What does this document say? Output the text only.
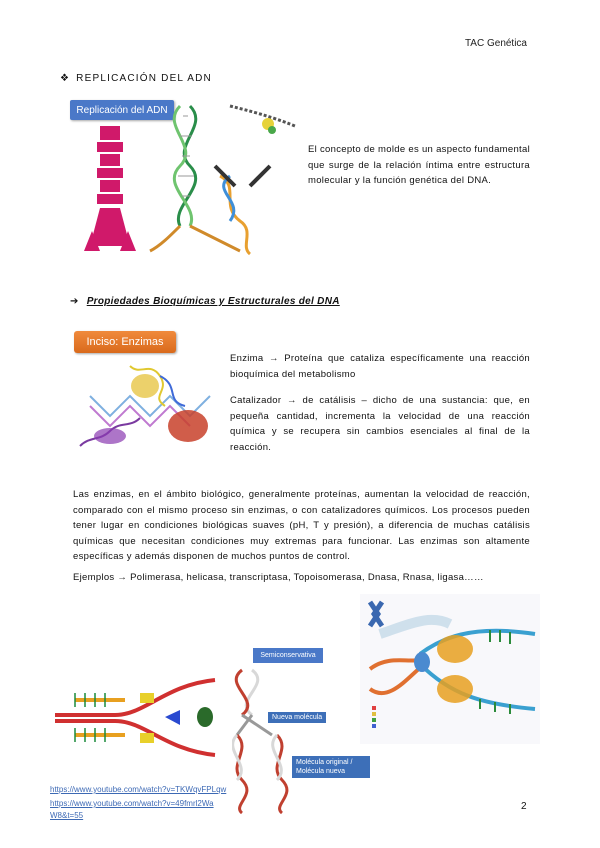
TAC Genética
❖ REPLICACIÓN DEL ADN
Replicación del ADN
El concepto de molde es un aspecto fundamental que surge de la relación íntima entre estructura molecular y la función genética del DNA.
➔ Propiedades Bioquímicas y Estructurales del DNA
Inciso: Enzimas
Enzima → Proteína que cataliza específicamente una reacción bioquímica del metabolismo
Catalizador → de catálisis – dicho de una sustancia: que, en pequeña cantidad, incrementa la velocidad de una reacción química y se recupera sin cambios esenciales al final de la reacción.
Las enzimas, en el ámbito biológico, generalmente proteínas, aumentan la velocidad de reacción, comparado con el mismo proceso sin enzimas, o con catalizadores químicos. Los procesos pueden tener lugar en condiciones biológicas suaves (pH, T y presión), a diferencia de muchas catálisis químicas que necesitan condiciones muy extremas para funcionar. Las enzimas son altamente específicas y además disponen de muchos puntos de control.
Ejemplos → Polimerasa, helicasa, transcriptasa, Topoisomerasa, Dnasa, Rnasa, ligasa……
Semiconservativa
Nueva molécula
Molécula original / Molécula nueva
https://www.youtube.com/watch?v=TKWqvFPLqw
https://www.youtube.com/watch?v=49fmrl2Wa W8&t=55
2
